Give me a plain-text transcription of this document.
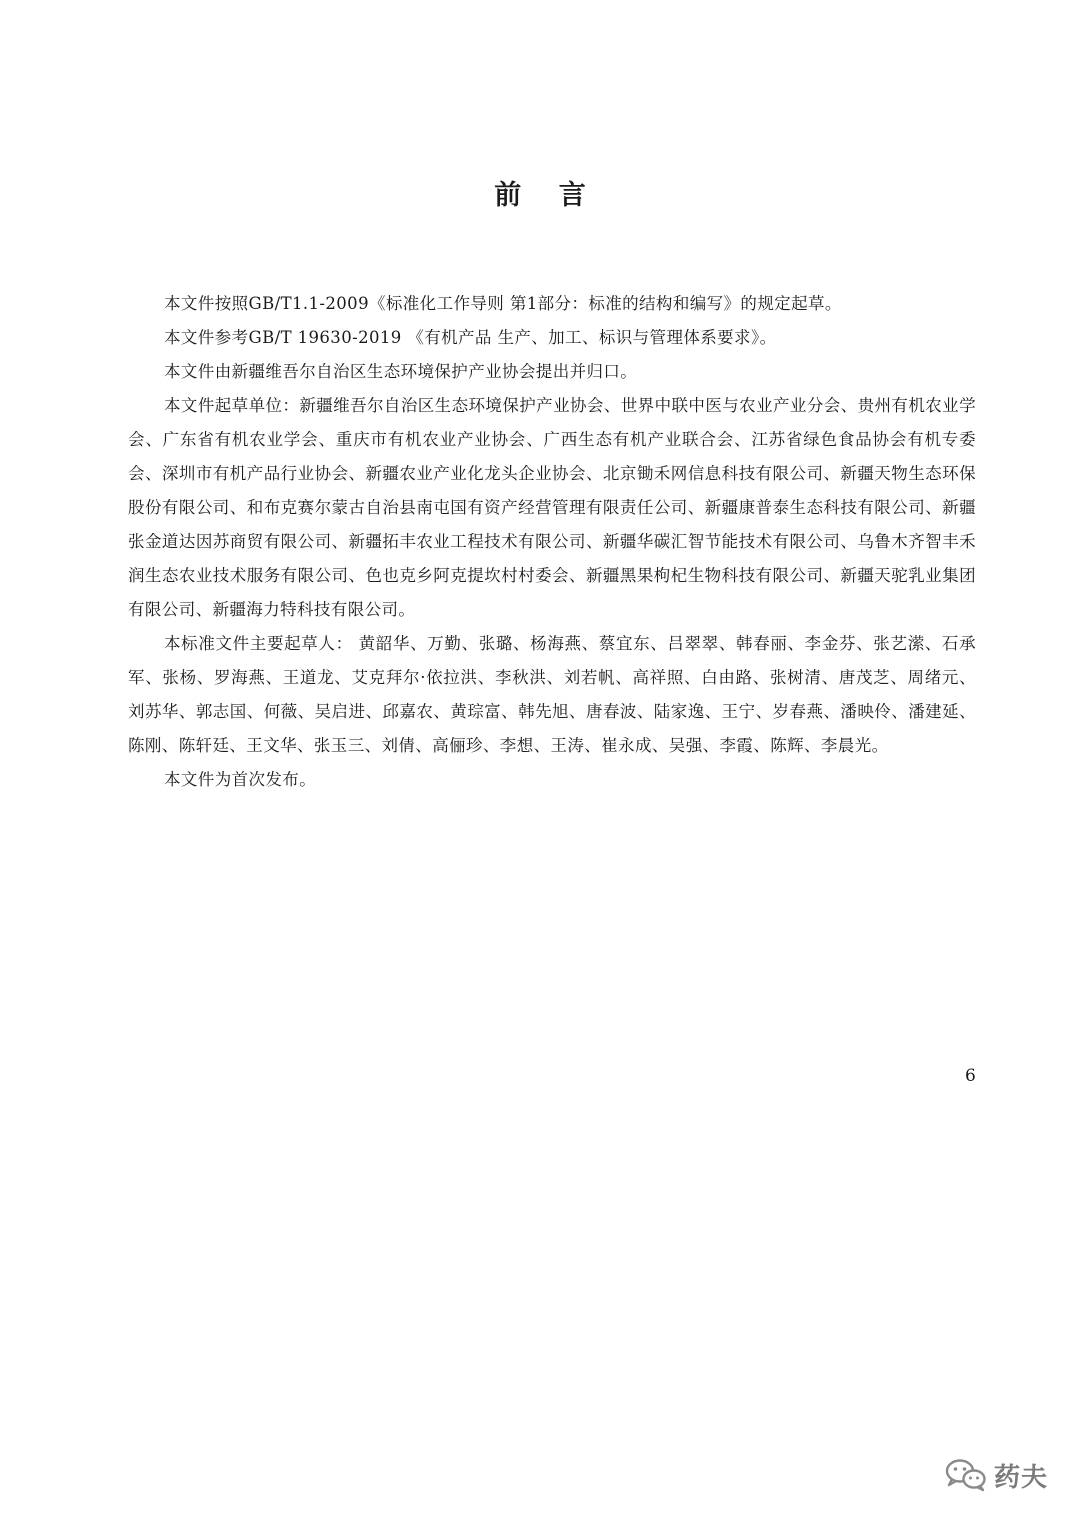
前 言

本文件按照GB/T1.1-2009《标准化工作导则 第1部分：标准的结构和编写》的规定起草。

本文件参考GB/T 19630-2019 《有机产品 生产、加工、标识与管理体系要求》。

本文件由新疆维吾尔自治区生态环境保护产业协会提出并归口。

本文件起草单位：新疆维吾尔自治区生态环境保护产业协会、世界中联中医与农业产业分会、贵州有机农业学会、广东省有机农业学会、重庆市有机农业产业协会、广西生态有机产业联合会、江苏省绿色食品协会有机专委会、深圳市有机产品行业协会、新疆农业产业化龙头企业协会、北京锄禾网信息科技有限公司、新疆天物生态环保股份有限公司、和布克赛尔蒙古自治县南屯国有资产经营管理有限责任公司、新疆康普泰生态科技有限公司、新疆张金道达因苏商贸有限公司、新疆拓丰农业工程技术有限公司、新疆华碳汇智节能技术有限公司、乌鲁木齐智丰禾润生态农业技术服务有限公司、色也克乡阿克提坎村村委会、新疆黑果枸杞生物科技有限公司、新疆天驼乳业集团有限公司、新疆海力特科技有限公司。

本标准文件主要起草人： 黄韶华、万勤、张璐、杨海燕、蔡宜东、吕翠翠、韩春丽、李金芬、张艺潆、石承军、张杨、罗海燕、王道龙、艾克拜尔·依拉洪、李秋洪、刘若帆、高祥照、白由路、张树清、唐茂芝、周绪元、刘苏华、郭志国、何薇、吴启进、邱嘉农、黄琮富、韩先旭、唐春波、陆家逸、王宁、岁春燕、潘映伶、潘建延、陈刚、陈轩廷、王文华、张玉三、刘倩、高俪珍、李想、王涛、崔永成、吴强、李霞、陈辉、李晨光。

本文件为首次发布。

6
药夫
